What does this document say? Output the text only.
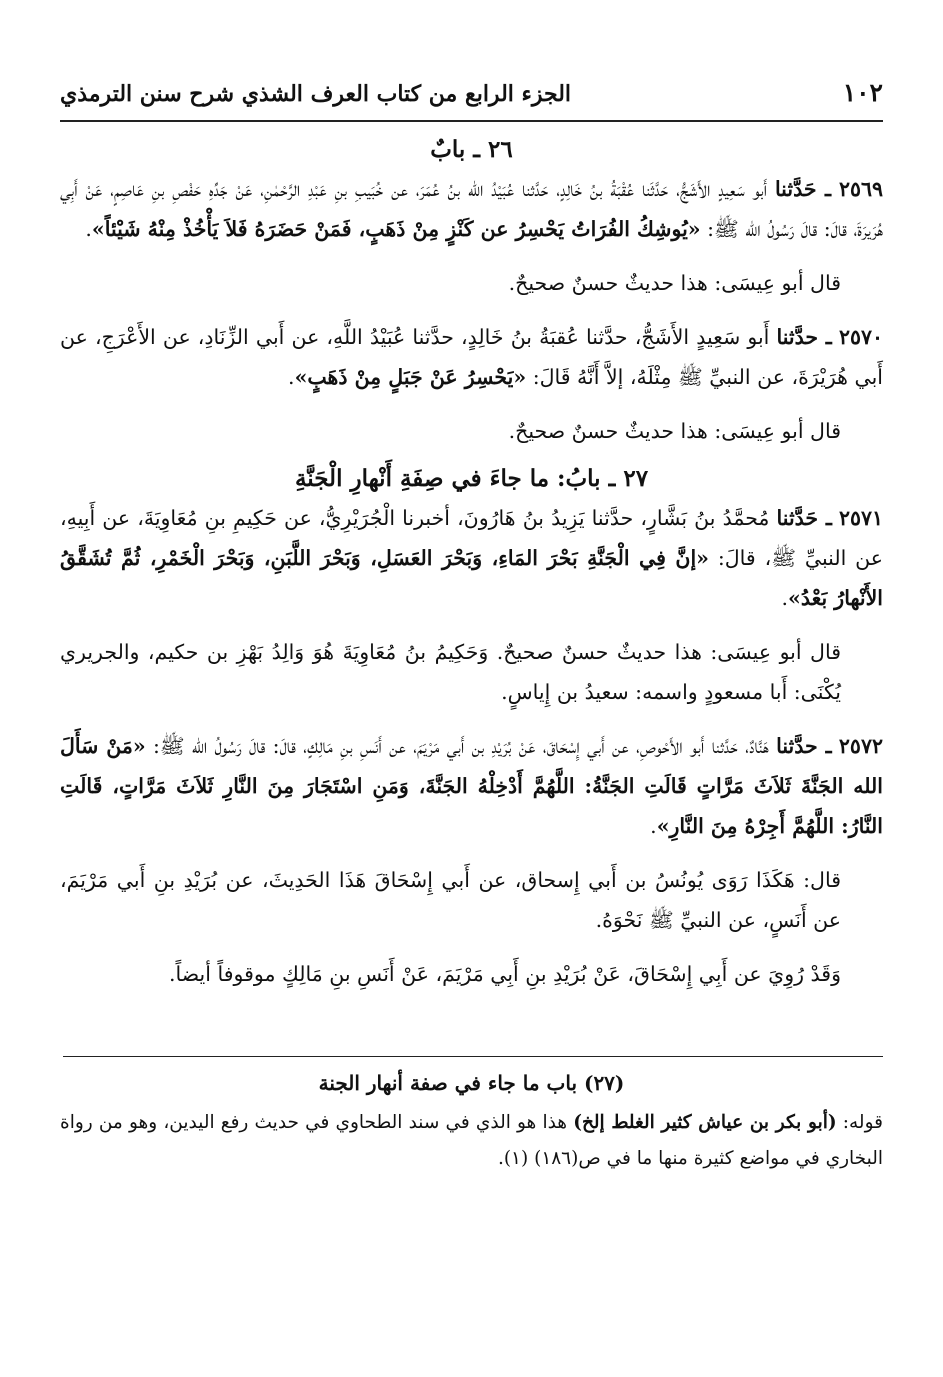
١٠٢
الجزء الرابع من كتاب العرف الشذي شرح سنن الترمذي
٢٦ ـ بابٌ

٢٥٦٩ ـ حَدَّثنا أَبو سَعِيدٍ الأَشَجُّ، حَدَّثَنا عُقْبَةُ بنُ خَالِدٍ، حَدَّثنا عُبَيْدُ الله بنُ عُمَرَ، عن خُبَيبِ بنِ عَبْدِ الرَّحْمٰنِ، عَنْ جَدِّهِ حَفْصِ بنِ عَاصِمٍ، عَنْ أَبِي هُرَيرَةَ، قالَ: قالَ رَسُولُ الله ﷺ: «يُوشِكُ الفُرَاتُ يَحْسِرُ عن كَنْزٍ مِنْ ذَهَبٍ، فَمَنْ حَضَرَهُ فَلاَ يَأْخُذْ مِنْهُ شَيْئاً».

قال أبو عِيسَى: هذا حديثٌ حسنٌ صحيحٌ.

٢٥٧٠ ـ حدَّثنا أَبو سَعِيدٍ الأَشَجُّ، حدَّثنا عُقبَةُ بنُ خَالِدٍ، حدَّثنا عُبَيْدُ اللَّهِ، عن أَبي الزِّنَادِ، عن الأَعْرَجِ، عن أَبي هُرَيْرَةَ، عن النبيِّ ﷺ مِثْلَهُ، إلاَّ أَنَّهُ قَالَ: «يَحْسِرُ عَنْ جَبَلٍ مِنْ ذَهَبٍ».

قال أبو عِيسَى: هذا حديثٌ حسنٌ صحيحٌ.

٢٧ ـ بابُ: ما جاءَ في صِفَةِ أَنْهارِ الْجَنَّةِ

٢٥٧١ ـ حَدَّثنا مُحمَّدُ بنُ بَشَّارٍ، حدَّثنا يَزِيدُ بنُ هَارُونَ، أخبرنا الْجُرَيْرِيُّ، عن حَكِيمِ بنِ مُعَاوِيَةَ، عن أَبِيهِ، عن النبيِّ ﷺ، قالَ: «إنَّ فِي الْجَنَّةِ بَحْرَ المَاءِ، وَبَحْرَ العَسَلِ، وَبَحْرَ اللَّبَنِ، وَبَحْرَ الْخَمْرِ، ثُمَّ تُشَقَّقُ الأَنْهارُ بَعْدُ».

قال أبو عِيسَى: هذا حديثٌ حسنٌ صحيحٌ. وَحَكِيمُ بنُ مُعَاوِيَةَ هُوَ وَالِدُ بَهْزِ بن حكيم، والجريري يُكْنَى: أَبا مسعودٍ واسمه: سعيدُ بن إِياسٍ.

٢٥٧٢ ـ حدَّثنا هَنَّادٌ، حَدَّثنا أَبو الأَحْوصِ، عن أَبي إِسْحَاقَ، عَنْ بُرَيْدِ بن أَبي مَرْيَمَ، عن أَنَسِ بنِ مَالِكٍ، قالَ: قالَ رَسُولُ الله ﷺ: «مَنْ سَأَلَ الله الجَنَّةَ ثَلاَثَ مَرَّاتٍ قَالَتِ الجَنَّةُ: اللَّهُمَّ أَدْخِلْهُ الجَنَّةَ، وَمَنِ اسْتَجَارَ مِنَ النَّارِ ثَلاَثَ مَرَّاتٍ، قَالَتِ النَّارُ: اللَّهُمَّ أَجِرْهُ مِنَ النَّارِ».

قال: هَكَذَا رَوَى يُونُسُ بن أَبي إِسحاق، عن أَبي إِسْحَاقَ هَذَا الحَدِيثَ، عن بُرَيْدِ بنِ أَبي مَرْيَمَ، عن أَنَسٍ، عن النبيِّ ﷺ نَحْوَهُ.

وَقَدْ رُوِيَ عن أَبِي إِسْحَاقَ، عَنْ بُرَيْدِ بنِ أَبِي مَرْيَمَ، عَنْ أَنَسِ بنِ مَالِكٍ موقوفاً أيضاً.

(٢٧) باب ما جاء في صفة أنهار الجنة

قوله: (أبو بكر بن عياش كثير الغلط إلخ) هذا هو الذي في سند الطحاوي في حديث رفع اليدين، وهو من رواة البخاري في مواضع كثيرة منها ما في ص(١٨٦) (١).
